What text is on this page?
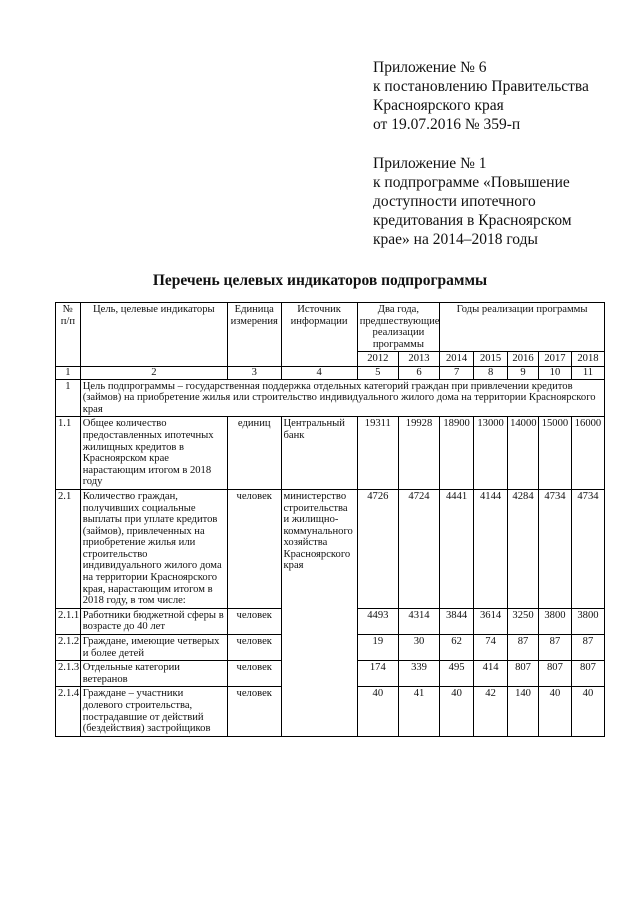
Приложение № 6
к постановлению Правительства
Красноярского края
от 19.07.2016 № 359-п
Приложение № 1
к подпрограмме «Повышение
доступности ипотечного
кредитования в Красноярском
крае» на 2014–2018 годы
Перечень целевых индикаторов подпрограммы
№ п/п	Цель, целевые индикаторы	Единица измерения	Источник информации	Два года, предшествующие реализации программы		Годы реализации программы				
				2012	2013	2014	2015	2016	2017	2018
1	2	3	4	5	6	7	8	9	10	11
1	Цель подпрограммы – государственная поддержка отдельных категорий граждан при привлечении кредитов (займов) на приобретение жилья или строительство индивидуального жилого дома на территории Красноярского края									
1.1	Общее количество предоставленных ипотечных жилищных кредитов в Красноярском крае нарастающим итогом в 2018 году	единиц	Центральный банк	19311	19928	18900	13000	14000	15000	16000
2.1	Количество граждан, получивших социальные выплаты при уплате кредитов (займов), привлеченных на приобретение жилья или строительство индивидуального жилого дома на территории Красноярского края, нарастающим итогом в 2018 году, в том числе:	человек	министерство строительства и жилищно-коммунального хозяйства Красноярского края	4726	4724	4441	4144	4284	4734	4734
2.1.1	Работники бюджетной сферы в возрасте до 40 лет	человек		4493	4314	3844	3614	3250	3800	3800
2.1.2	Граждане, имеющие четверых и более детей	человек		19	30	62	74	87	87	87
2.1.3	Отдельные категории ветеранов	человек		174	339	495	414	807	807	807
2.1.4	Граждане – участники долевого строительства, пострадавшие от действий (бездействия) застройщиков	человек		40	41	40	42	140	40	40
